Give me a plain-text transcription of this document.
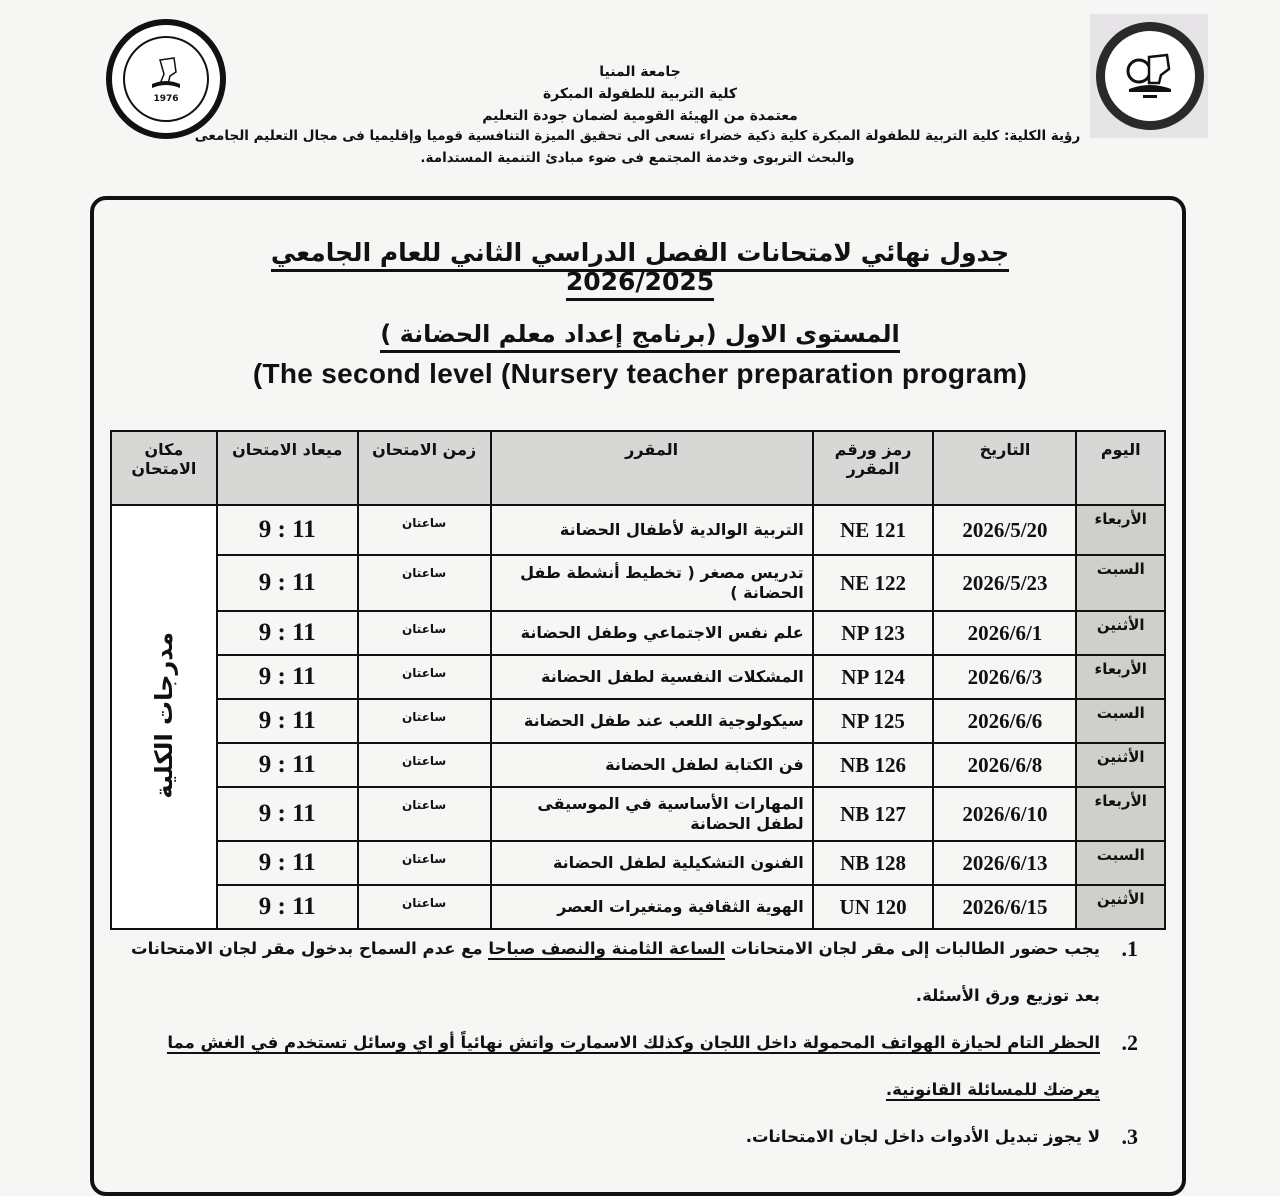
1976
جامعة المنيا
كلية التربية للطفولة المبكرة
معتمدة من الهيئة القومية لضمان جودة التعليم
رؤية الكلية: كلية التربية للطفولة المبكرة كلية ذكية خضراء تسعى الى تحقيق الميزة التنافسية قوميا وإقليميا فى مجال التعليم الجامعى والبحث التربوى وخدمة المجتمع فى ضوء مبادئ التنمية المستدامة.
جدول نهائي لامتحانات الفصل الدراسي الثاني للعام الجامعي 2026/2025
المستوى الاول (برنامج إعداد معلم الحضانة )
(The second level (Nursery teacher preparation program)
اليوم	التاريخ	رمز ورقم المقرر	المقرر	زمن الامتحان	ميعاد الامتحان	مكان الامتحان
الأربعاء	2026/5/20	NE 121	التربية الوالدية لأطفال الحضانة	ساعتان	9 : 11	مدرجات الكلية
السبت	2026/5/23	NE 122	تدريس مصغر ( تخطيط أنشطة طفل الحضانة )	ساعتان	9 : 11	
الأثنين	2026/6/1	NP 123	علم نفس الاجتماعي وطفل الحضانة	ساعتان	9 : 11	
الأربعاء	2026/6/3	NP 124	المشكلات النفسية لطفل الحضانة	ساعتان	9 : 11	
السبت	2026/6/6	NP 125	سيكولوجية اللعب عند طفل الحضانة	ساعتان	9 : 11	
الأثنين	2026/6/8	NB 126	فن الكتابة لطفل الحضانة	ساعتان	9 : 11	
الأربعاء	2026/6/10	NB 127	المهارات الأساسية في الموسيقى لطفل الحضانة	ساعتان	9 : 11	
السبت	2026/6/13	NB 128	الفنون التشكيلية لطفل الحضانة	ساعتان	9 : 11	
الأثنين	2026/6/15	UN 120	الهوية الثقافية ومتغيرات العصر	ساعتان	9 : 11	
1.
يجب حضور الطالبات إلى مقر لجان الامتحانات الساعة الثامنة والنصف صباحا مع عدم السماح بدخول مقر لجان الامتحانات بعد توزيع ورق الأسئلة.
2.
الحظر التام لحيازة الهواتف المحمولة داخل اللجان وكذلك الاسمارت واتش نهائياً أو اي وسائل تستخدم في الغش مما يعرضك للمسائلة القانونية.
3.
لا يجوز تبديل الأدوات داخل لجان الامتحانات.
